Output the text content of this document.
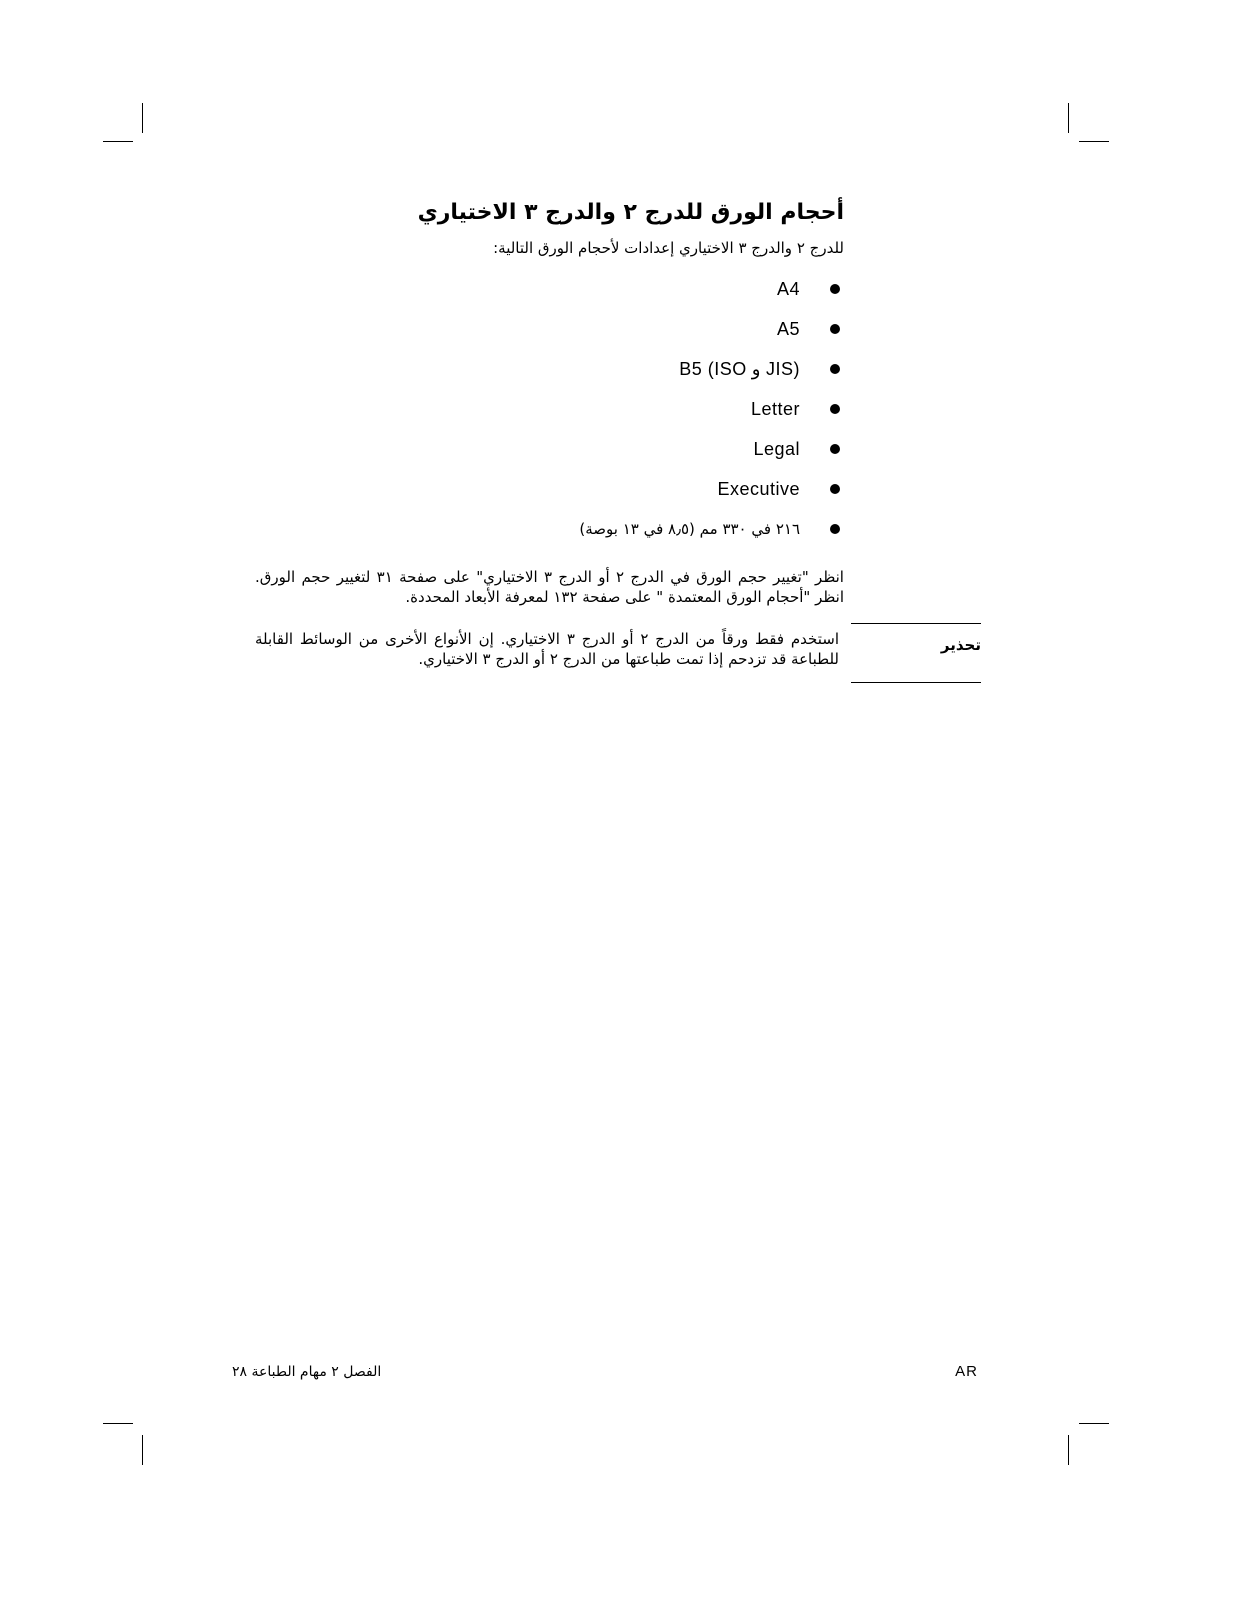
أحجام الورق للدرج ٢ والدرج ٣ الاختياري

للدرج ٢ والدرج ٣ الاختياري إعدادات لأحجام الورق التالية:

A4
A5
(JIS و ISO) B5
Letter
Legal
Executive
٢١٦ في ٣٣٠ مم (٨٫٥ في ١٣ بوصة)

انظر "تغيير حجم الورق في الدرج ٢ أو الدرج ٣ الاختياري" على صفحة ٣١ لتغيير حجم الورق. انظر "أحجام الورق المعتمدة " على صفحة ١٣٢ لمعرفة الأبعاد المحددة.

تحذير
استخدم فقط ورقاً من الدرج ٢ أو الدرج ٣ الاختياري. إن الأنواع الأخرى من الوسائط القابلة للطباعة قد تزدحم إذا تمت طباعتها من الدرج ٢ أو الدرج ٣ الاختياري.
الفصل ٢ مهام الطباعة ٢٨	AR
